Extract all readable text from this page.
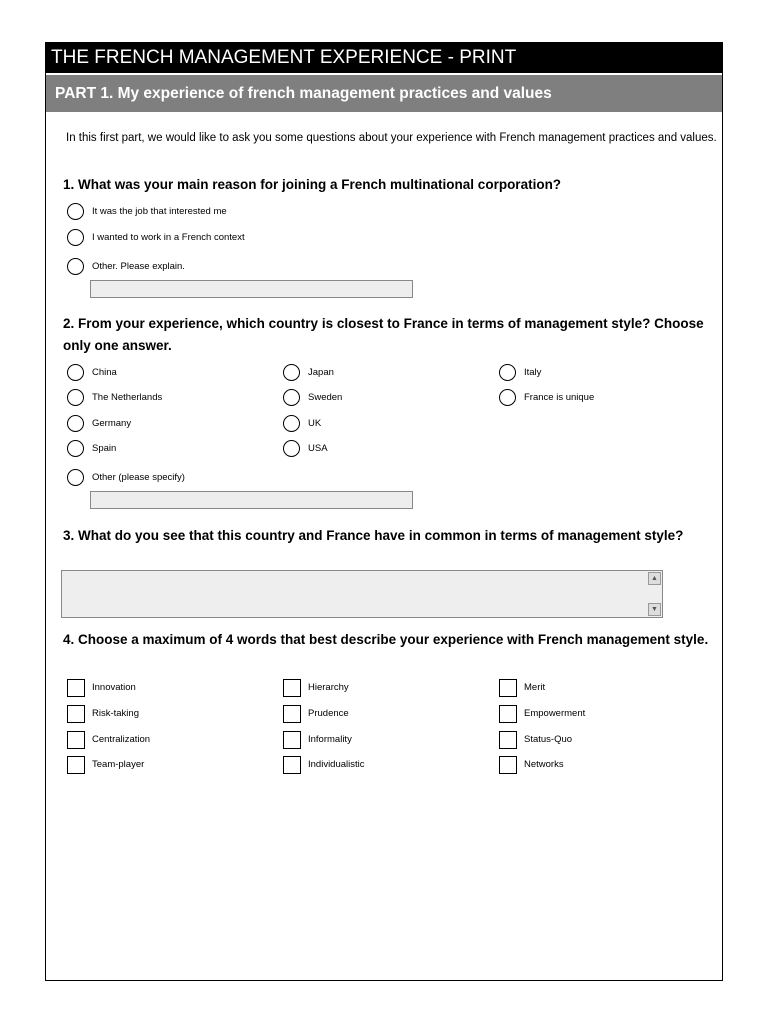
THE FRENCH MANAGEMENT EXPERIENCE - PRINT
PART 1. My experience of french management practices and values
In this first part, we would like to ask you some questions about your experience with French management practices and values.
1. What was your main reason for joining a French multinational corporation?
It was the job that interested me
I wanted to work in a French context
Other. Please explain.
2. From your experience, which country is closest to France in terms of management style? Choose only one answer.
China	Japan	Italy
The Netherlands	Sweden	France is unique
Germany	UK
Spain	USA
Other (please specify)
3. What do you see that this country and France have in common in terms of management style?
▲
▼
4. Choose a maximum of 4 words that best describe your experience with French management style.
Innovation	Hierarchy	Merit
Risk-taking	Prudence	Empowerment
Centralization	Informality	Status-Quo
Team-player	Individualistic	Networks
